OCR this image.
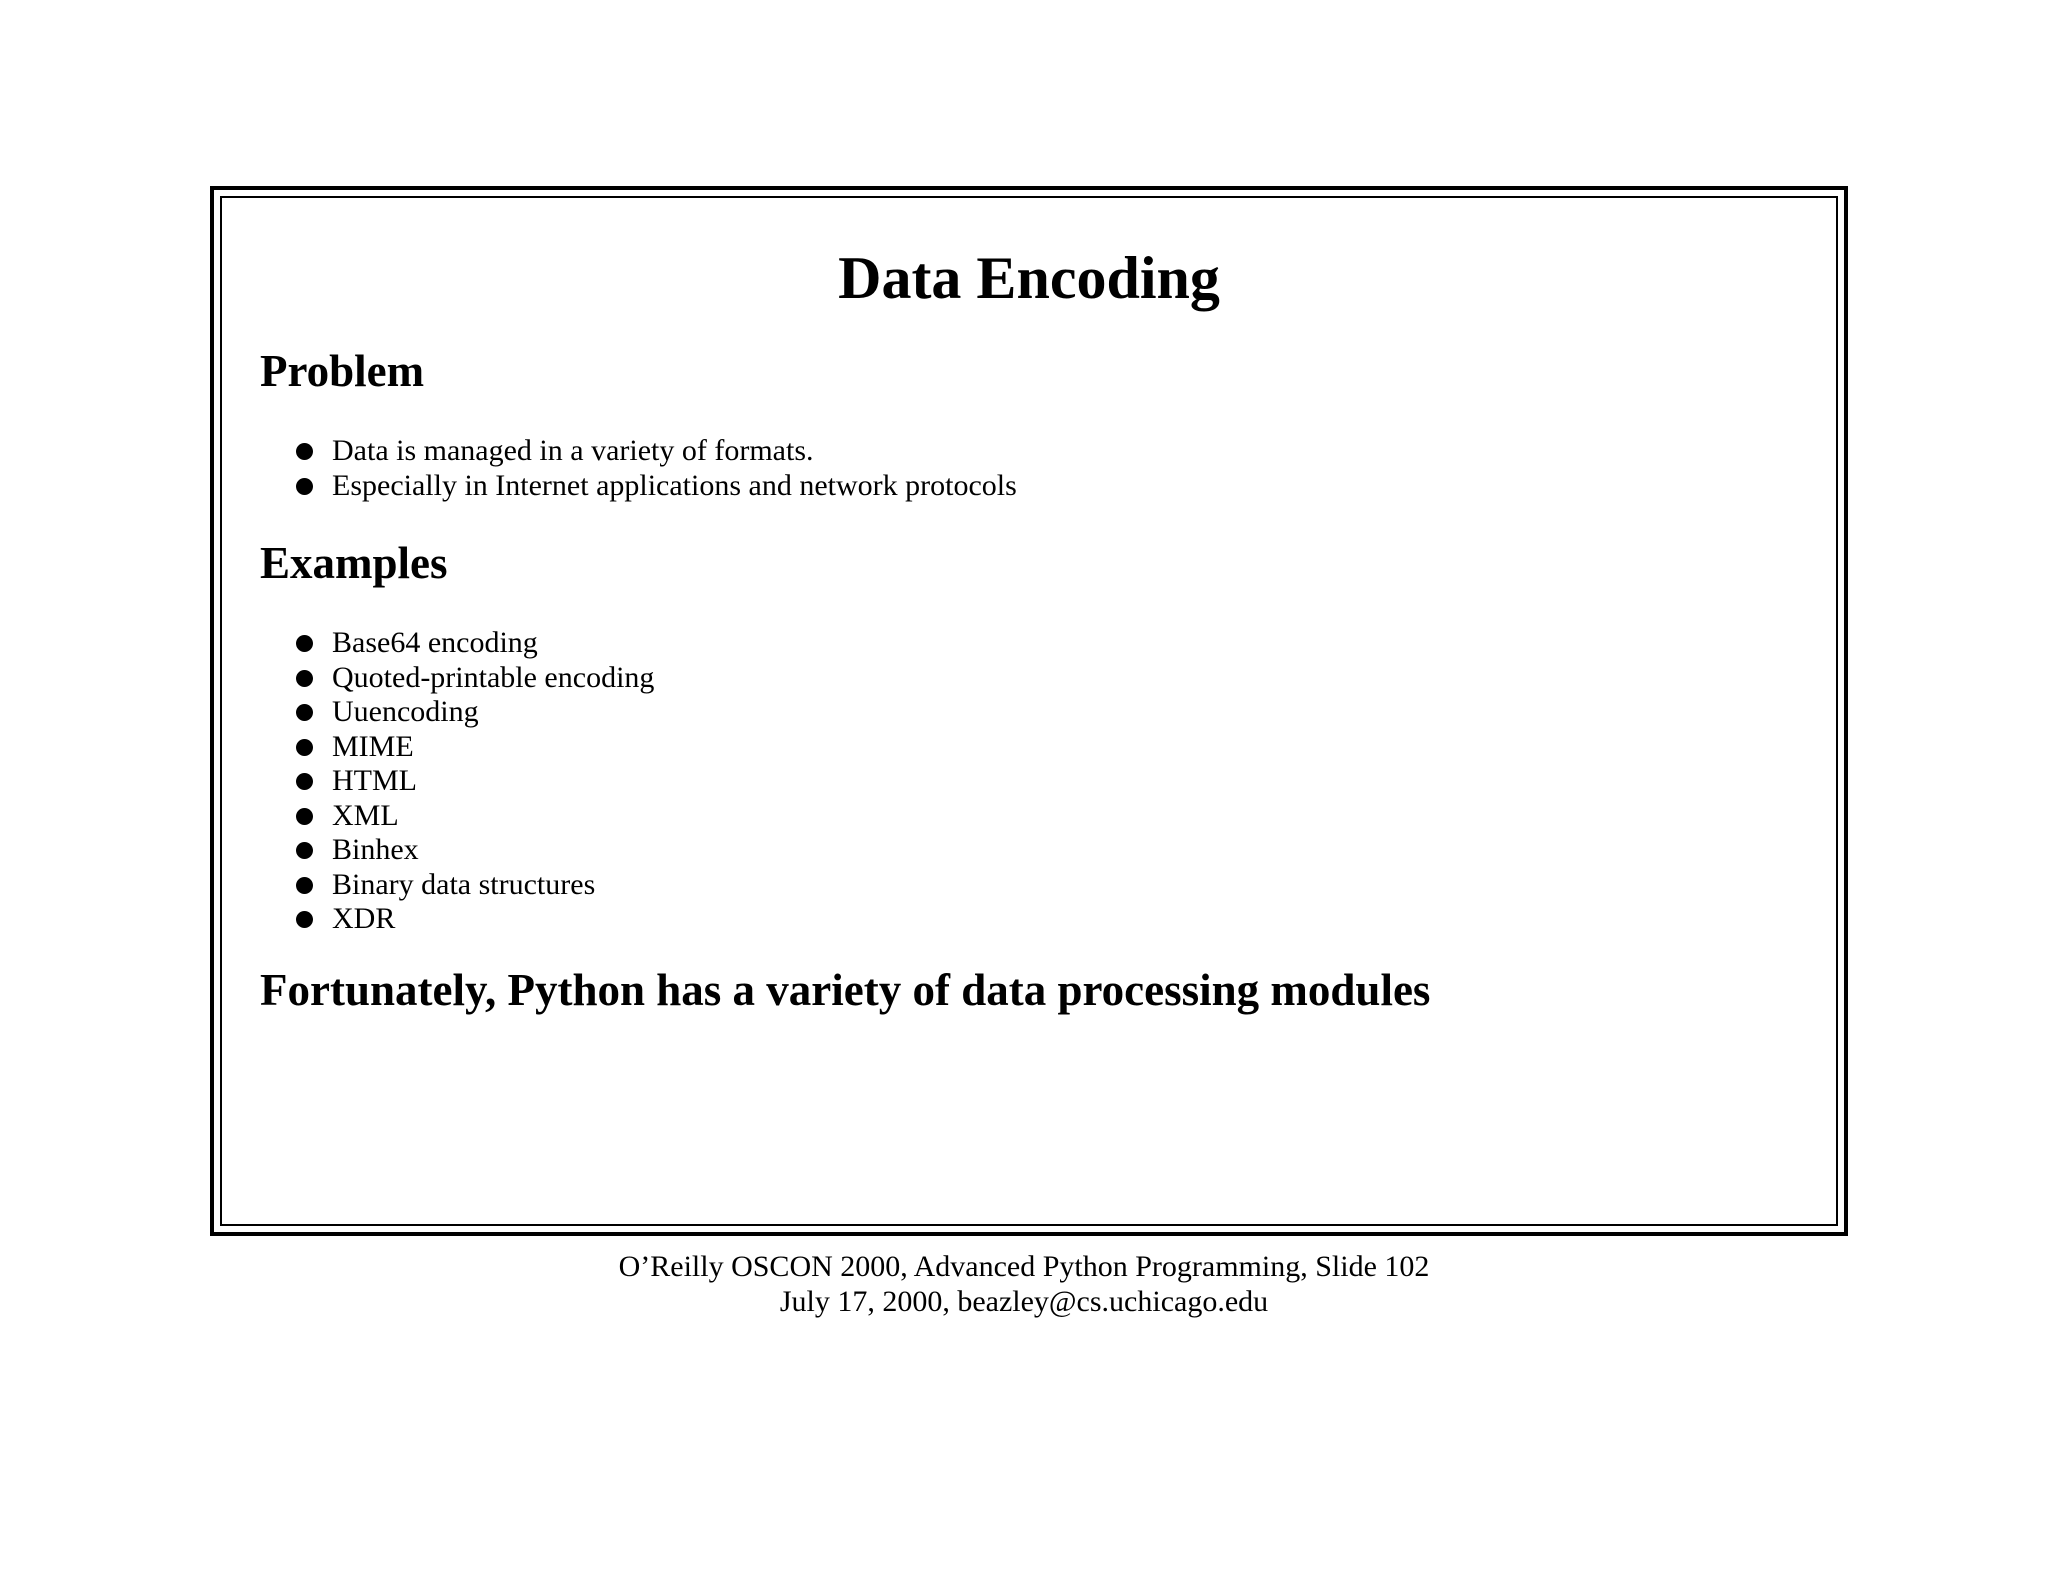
Data Encoding
Problem
Data is managed in a variety of formats.
Especially in Internet applications and network protocols
Examples
Base64 encoding
Quoted-printable encoding
Uuencoding
MIME
HTML
XML
Binhex
Binary data structures
XDR
Fortunately, Python has a variety of data processing modules
O’Reilly OSCON 2000, Advanced Python Programming, Slide 102
July 17, 2000, beazley@cs.uchicago.edu
